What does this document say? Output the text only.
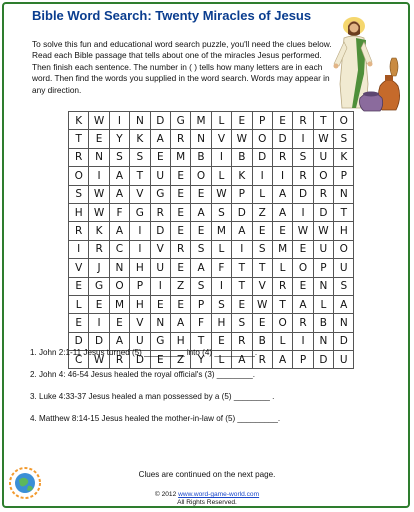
Bible Word Search: Twenty Miracles of Jesus
To solve this fun and educational word search puzzle, you'll need the clues below. Read each Bible passage that tells about one of the miracles Jesus performed. Then finish each sentence. The number in ( ) tells how many letters are in each word. Then find the words you supplied in the word search. Words may appear in any direction.
K	W	I	N	D	G	M	L	E	P	E	R	T	O
T	E	Y	K	A	R	N	V	W	O	D	I	W	S
R	N	S	S	E	M	B	I	B	D	R	S	U	K
O	I	A	T	U	E	O	L	K	I	I	R	O	P
S	W	A	V	G	E	E	W	P	L	A	D	R	N
H	W	F	G	R	E	A	S	D	Z	A	I	D	T
R	K	A	I	D	E	E	M	A	E	E	W	W	H
I	R	C	I	V	R	S	L	I	S	M	E	U	O
V	J	N	H	U	E	A	F	T	T	L	O	P	U
E	G	O	P	I	Z	S	I	T	V	R	E	N	S
L	E	M	H	E	E	P	S	E	W	T	A	L	A
E	I	E	V	N	A	F	H	S	E	O	R	B	N
D	D	A	U	G	H	T	E	R	B	L	I	N	D
C	W	R	D	E	Z	Y	L	A	R	A	P	D	U
1. John 2:1-11 Jesus turned (5) _________ into (4) _________.
2. John 4: 46-54 Jesus healed the royal official's (3) ________.
3. Luke 4:33-37 Jesus healed a man possessed by a (5) ________ .
4. Matthew 8:14-15 Jesus healed the mother-in-law of (5) _________.
Clues are continued on the next page.
© 2012 www.word-game-world.com
All Rights Reserved.
